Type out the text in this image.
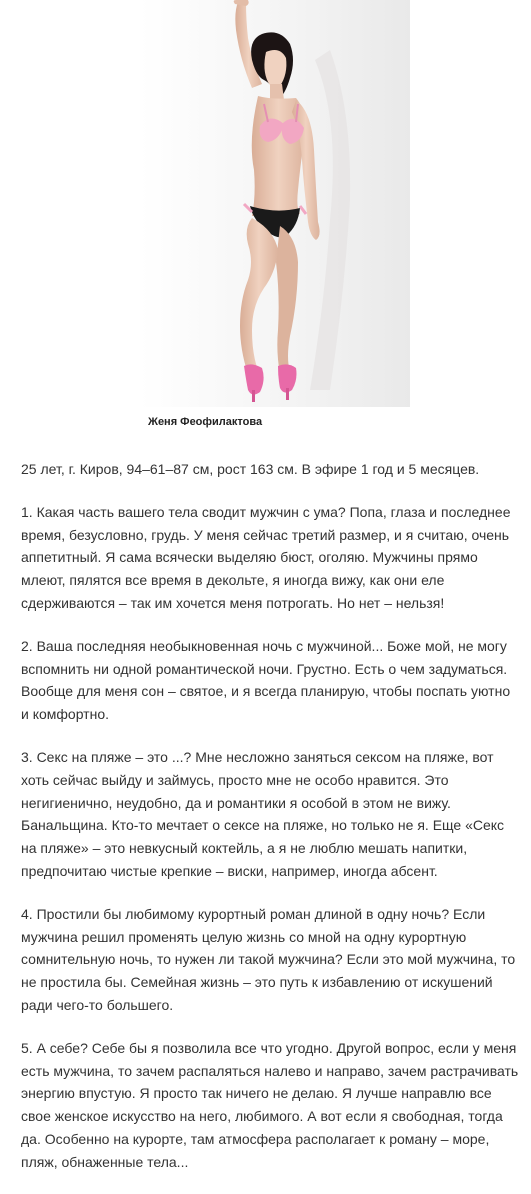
Женя Феофилактова

25 лет, г. Киров, 94–61–87 см, рост 163 см. В эфире 1 год и 5 месяцев.

1. Какая часть вашего тела сводит мужчин с ума? Попа, глаза и последнее время, безусловно, грудь. У меня сейчас третий размер, и я считаю, очень аппетитный. Я сама всячески выделяю бюст, оголяю. Мужчины прямо млеют, пялятся все время в декольте, я иногда вижу, как они еле сдерживаются – так им хочется меня потрогать. Но нет – нельзя!

2. Ваша последняя необыкновенная ночь с мужчиной... Боже мой, не могу вспомнить ни одной романтической ночи. Грустно. Есть о чем задуматься. Вообще для меня сон – святое, и я всегда планирую, чтобы поспать уютно и комфортно.

3. Секс на пляже – это ...? Мне несложно заняться сексом на пляже, вот хоть сейчас выйду и займусь, просто мне не особо нравится. Это негигиенично, неудобно, да и романтики я особой в этом не вижу. Банальщина. Кто-то мечтает о сексе на пляже, но только не я. Еще «Секс на пляже» – это невкусный коктейль, а я не люблю мешать напитки, предпочитаю чистые крепкие – виски, например, иногда абсент.

4. Простили бы любимому курортный роман длиной в одну ночь? Если мужчина решил променять целую жизнь со мной на одну курортную сомнительную ночь, то нужен ли такой мужчина? Если это мой мужчина, то не простила бы. Семейная жизнь – это путь к избавлению от искушений ради чего-то большего.

5. А себе? Себе бы я позволила все что угодно. Другой вопрос, если у меня есть мужчина, то зачем распаляться налево и направо, зачем растрачивать энергию впустую. Я просто так ничего не делаю. Я лучше направлю все свое женское искусство на него, любимого. А вот если я свободная, тогда да. Особенно на курорте, там атмосфера располагает к роману – море, пляж, обнаженные тела...
